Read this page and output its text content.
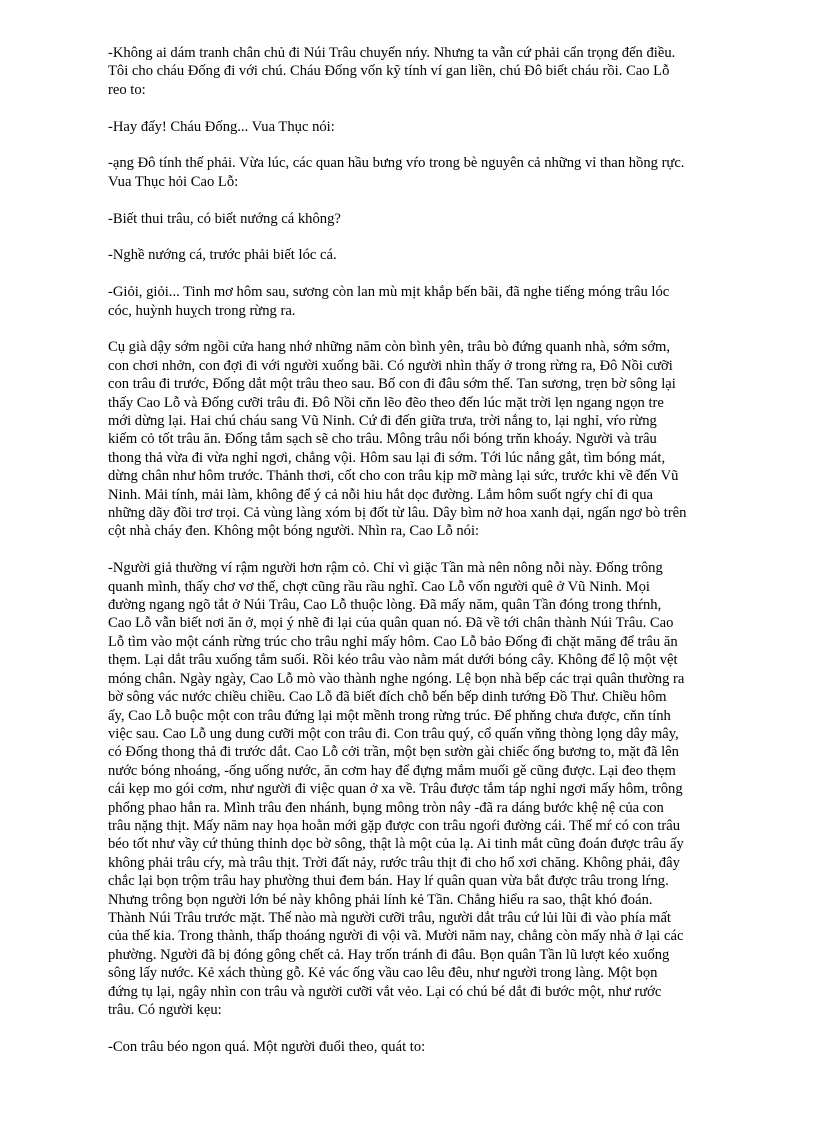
-Không ai dám tranh chân chủ đi Núi Trâu chuyến nńy. Nhưng ta vẫn cứ phải cẩn trọng đến điều.
Tôi cho cháu Đống đi với chú. Cháu Đống vốn kỹ tính ví gan liền, chú Đô biết cháu rồi. Cao Lỗ
reo to:

-Hay đấy! Cháu Đống... Vua Thục nói:

-ạng Đô tính thế phải. Vừa lúc, các quan hầu bưng vŕo trong bè nguyên cả những vỉ than hồng rực.
Vua Thục hỏi Cao Lỗ:

-Biết thui trâu, có biết nướng cá không?

-Nghề nướng cá, trước phải biết lóc cá.

-Giỏi, giỏi... Tinh mơ hôm sau, sương còn lan mù mịt khắp bến bãi, đã nghe tiếng móng trâu lóc
cóc, huỳnh huỵch trong rừng ra.

Cụ già dậy sớm ngồi cửa hang nhớ những năm còn bình yên, trâu bò đứng quanh nhà, sớm sớm,
con chơi nhởn, con đợi đi với người xuống bãi. Có người nhìn thấy ở trong rừng ra, Đô Nồi cưỡi
con trâu đi trước, Đống dắt một trâu theo sau. Bố con đi đâu sớm thế. Tan sương, trẹn bờ sông lại
thấy Cao Lỗ và Đống cưỡi trâu đi. Đô Nồi cňn lẽo đẽo theo đến lúc mặt trời lẹn ngang ngọn tre
mới dừng lại. Hai chú cháu sang Vũ Ninh. Cứ đi đến giữa trưa, trời nắng to, lại nghỉ, vŕo rừng
kiếm cỏ tốt trâu ăn. Đống tắm sạch sẽ cho trâu. Mông trâu nổi bóng trňn khoáy. Người và trâu
thong thả vừa đi vừa nghỉ ngơi, chẳng vội. Hôm sau lại đi sớm. Tới lúc nắng gắt, tìm bóng mát,
dừng chân như hôm trước. Thảnh thơi, cốt cho con trâu kịp mỡ màng lại sức, trước khi về đến Vũ
Ninh. Mải tính, mải làm, không để ý cả nỗi hiu hắt dọc đường. Lắm hôm suốt ngŕy chỉ đi qua
những dãy đồi trơ trọi. Cả vùng làng xóm bị đốt từ lâu. Dây bìm nở hoa xanh dại, ngẩn ngơ bò trên
cột nhà cháy đen. Không một bóng người. Nhìn ra, Cao Lỗ nói:

-Người giả thường ví rậm người hơn rậm cỏ. Chỉ vì giặc Tần mà nên nông nỗi này. Đống trông
quanh mình, thấy chơ vơ thế, chợt cũng rầu rầu nghĩ. Cao Lỗ vốn người quê ở Vũ Ninh. Mọi
đường ngang ngõ tắt ở Núi Trâu, Cao Lỗ thuộc lòng. Đã mấy năm, quân Tần đóng trong thŕnh,
Cao Lỗ vẫn biết nơi ăn ở, mọi ý nhẽ đi lại của quân quan nó. Đã về tới chân thành Núi Trâu. Cao
Lỗ tìm vào một cánh rừng trúc cho trâu nghỉ mấy hôm. Cao Lỗ bảo Đống đi chặt măng để trâu ăn
thẹm. Lại dắt trâu xuống tắm suối. Rồi kéo trâu vào nằm mát dưới bóng cây. Không để lộ một vệt
móng chân. Ngày ngày, Cao Lỗ mò vào thành nghe ngóng. Lệ bọn nhà bếp các trại quân thường ra
bờ sông vác nước chiều chiều. Cao Lỗ đã biết đích chỗ bến bếp dinh tướng Đồ Thư. Chiều hôm
ấy, Cao Lỗ buộc một con trâu đứng lại một mềnh trong rừng trúc. Để phňng chưa được, cňn tính
việc sau. Cao Lỗ ung dung cưỡi một con trâu đi. Con trâu quý, cổ quấn vňng thòng lọng dây mây,
có Đống thong thả đi trước dắt. Cao Lỗ cởi trần, một bẹn sườn gài chiếc ống bương to, mặt đã lên
nước bóng nhoáng, -ống uống nước, ăn cơm hay để đựng mắm muối gě cũng được. Lại đeo thẹm
cái kẹp mo gói cơm, như người đi việc quan ở xa về. Trâu được tắm táp nghỉ ngơi mấy hôm, trông
phổng phao hẳn ra. Mình trâu đen nhánh, bụng mông tròn nây -đã ra dáng bước khệ nệ của con
trâu nặng thịt. Mấy năm nay họa hoằn mới gặp được con trâu ngoŕi đường cái. Thế mŕ có con trâu
béo tốt như vầy cứ thủng thỉnh dọc bờ sông, thật là một của lạ. Ai tinh mắt cũng đoán được trâu ấy
không phải trâu cŕy, mà trâu thịt. Trời đất nảy, rước trâu thịt đi cho hổ xơi chăng. Không phải, đây
chắc lại bọn trộm trâu hay phường thui đem bán. Hay lŕ quân quan vừa bắt được trâu trong lŕng.
Nhưng trông bọn người lớn bé này không phải lính kẻ Tần. Chẳng hiểu ra sao, thật khó đoán.
Thành Núi Trâu trước mặt. Thế nào mà người cưỡi trâu, người dắt trâu cứ lủi lũi đi vào phía mất
của thế kia. Trong thành, thấp thoáng người đi vội vã. Mười năm nay, chẳng còn mấy nhà ở lại các
phường. Người đã bị đóng gông chết cả. Hay trốn tránh đi đâu. Bọn quân Tần lũ lượt kéo xuống
sông lấy nước. Kẻ xách thùng gỗ. Kẻ vác ống vầu cao lêu đêu, như người trong làng. Một bọn
đứng tụ lại, ngây nhìn con trâu và người cưỡi vắt vẻo. Lại có chú bé dắt đi bước một, như rước
trâu. Có người kẹu:

-Con trâu béo ngon quá. Một người đuổi theo, quát to:
